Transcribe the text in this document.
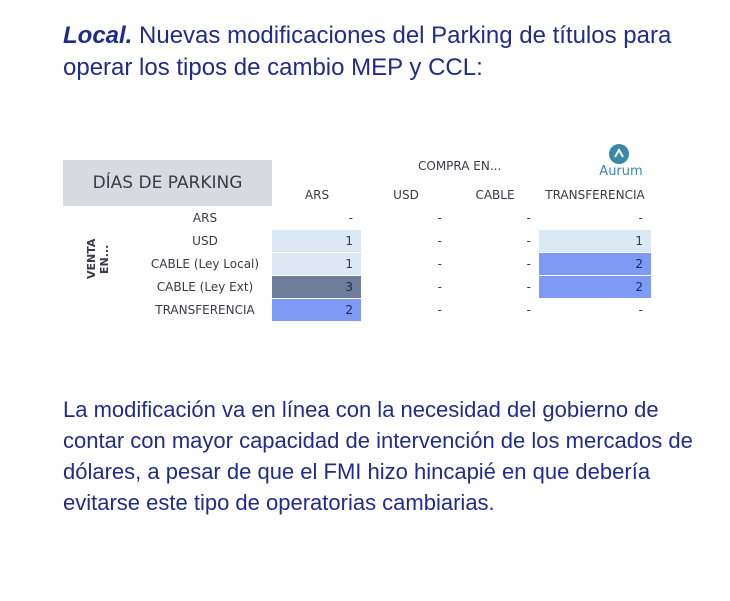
Local. Nuevas modificaciones del Parking de títulos para operar los tipos de cambio MEP y CCL:

DÍAS DE PARKING
COMPRA EN...	Aurum
ARS	USD	CABLE	TRANSFERENCIA
VENTA EN...
ARS	-	-	-	-
USD	1	-	-	1
CABLE (Ley Local)	1	-	-	2
CABLE (Ley Ext)	3	-	-	2
TRANSFERENCIA	2	-	-	-

La modificación va en línea con la necesidad del gobierno de contar con mayor capacidad de intervención de los mercados de dólares, a pesar de que el FMI hizo hincapié en que debería evitarse este tipo de operatorias cambiarias.
